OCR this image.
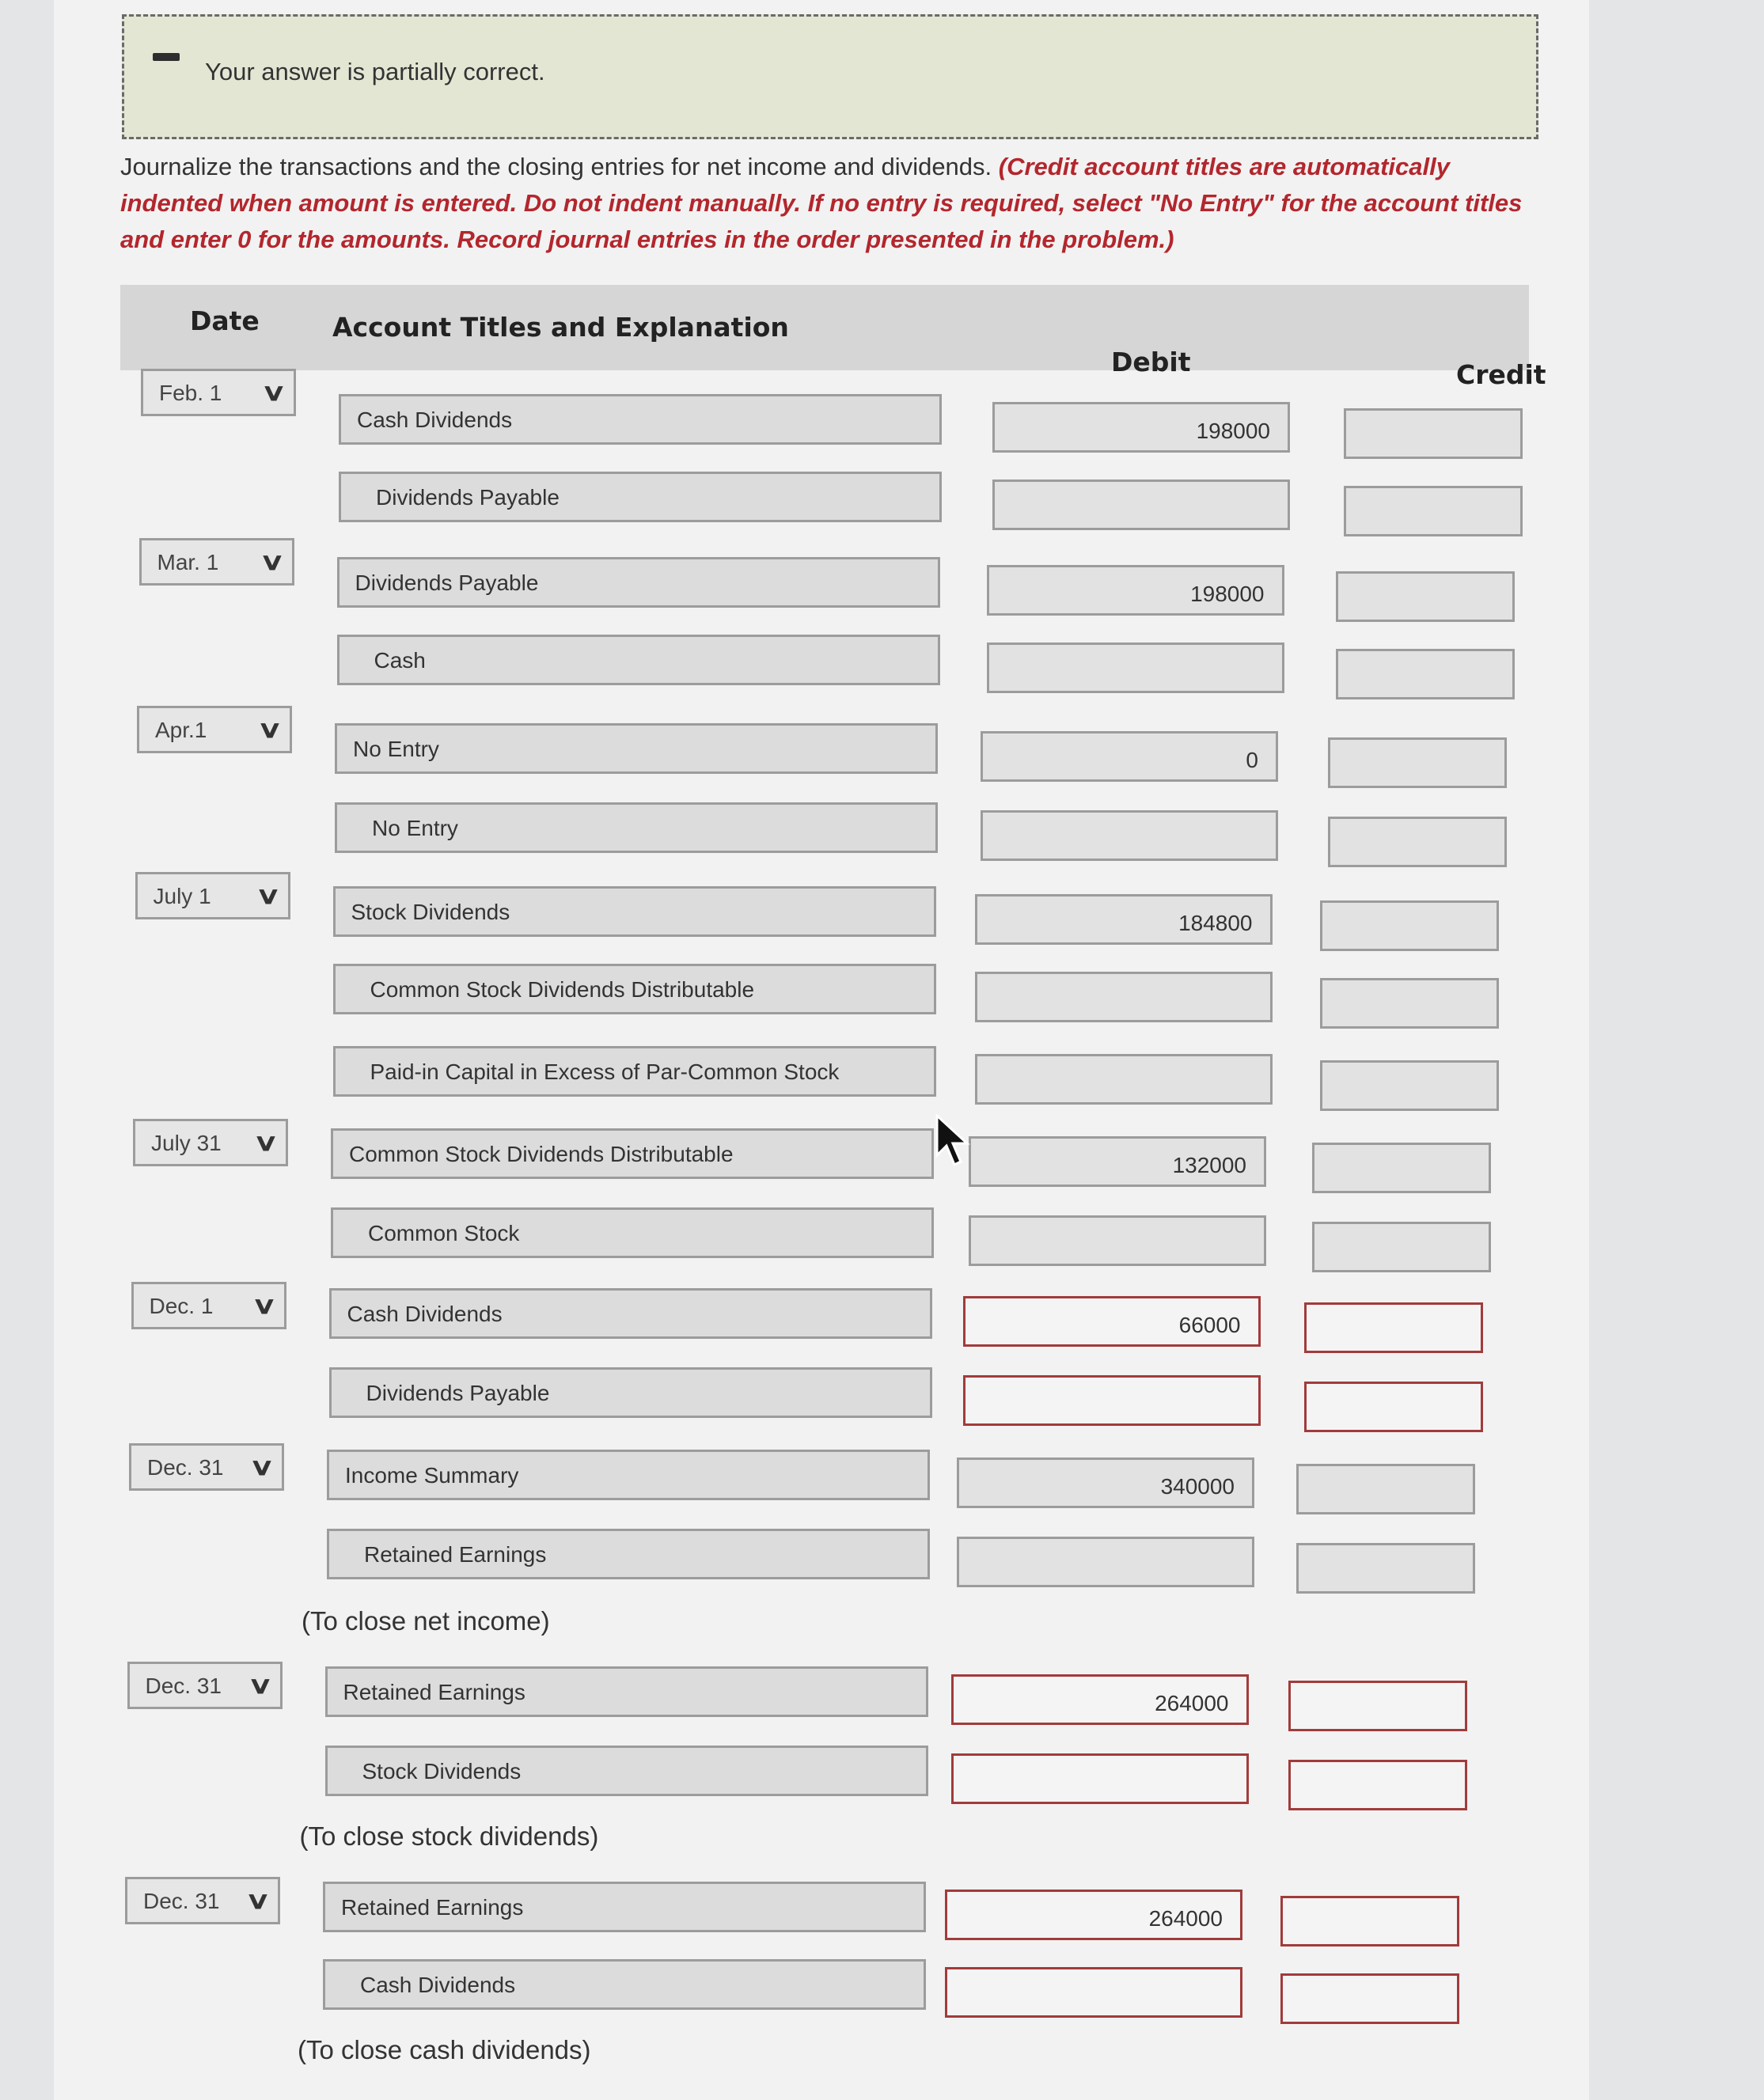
Your answer is partially correct.
Journalize the transactions and the closing entries for net income and dividends. (Credit account titles are automatically indented when amount is entered. Do not indent manually. If no entry is required, select "No Entry" for the account titles and enter 0 for the amounts. Record journal entries in the order presented in the problem.)
Date	Account Titles and Explanation
Debit	Credit
Feb. 1 ∨
Cash Dividends	198000
Dividends Payable
Mar. 1 ∨
Dividends Payable	198000
Cash
Apr.1 ∨
No Entry	0
No Entry
July 1 ∨
Stock Dividends	184800
Common Stock Dividends Distributable
Paid-in Capital in Excess of Par-Common Stock
July 31 ∨	Common Stock Dividends Distributable	132000
Common Stock
Dec. 1 ∨	Cash Dividends	66000
Dividends Payable
Dec. 31 ∨	Income Summary	340000
Retained Earnings
(To close net income)
Dec. 31 ∨	Retained Earnings	264000
Stock Dividends
(To close stock dividends)
Dec. 31 ∨	Retained Earnings	264000
Cash Dividends
(To close cash dividends)
